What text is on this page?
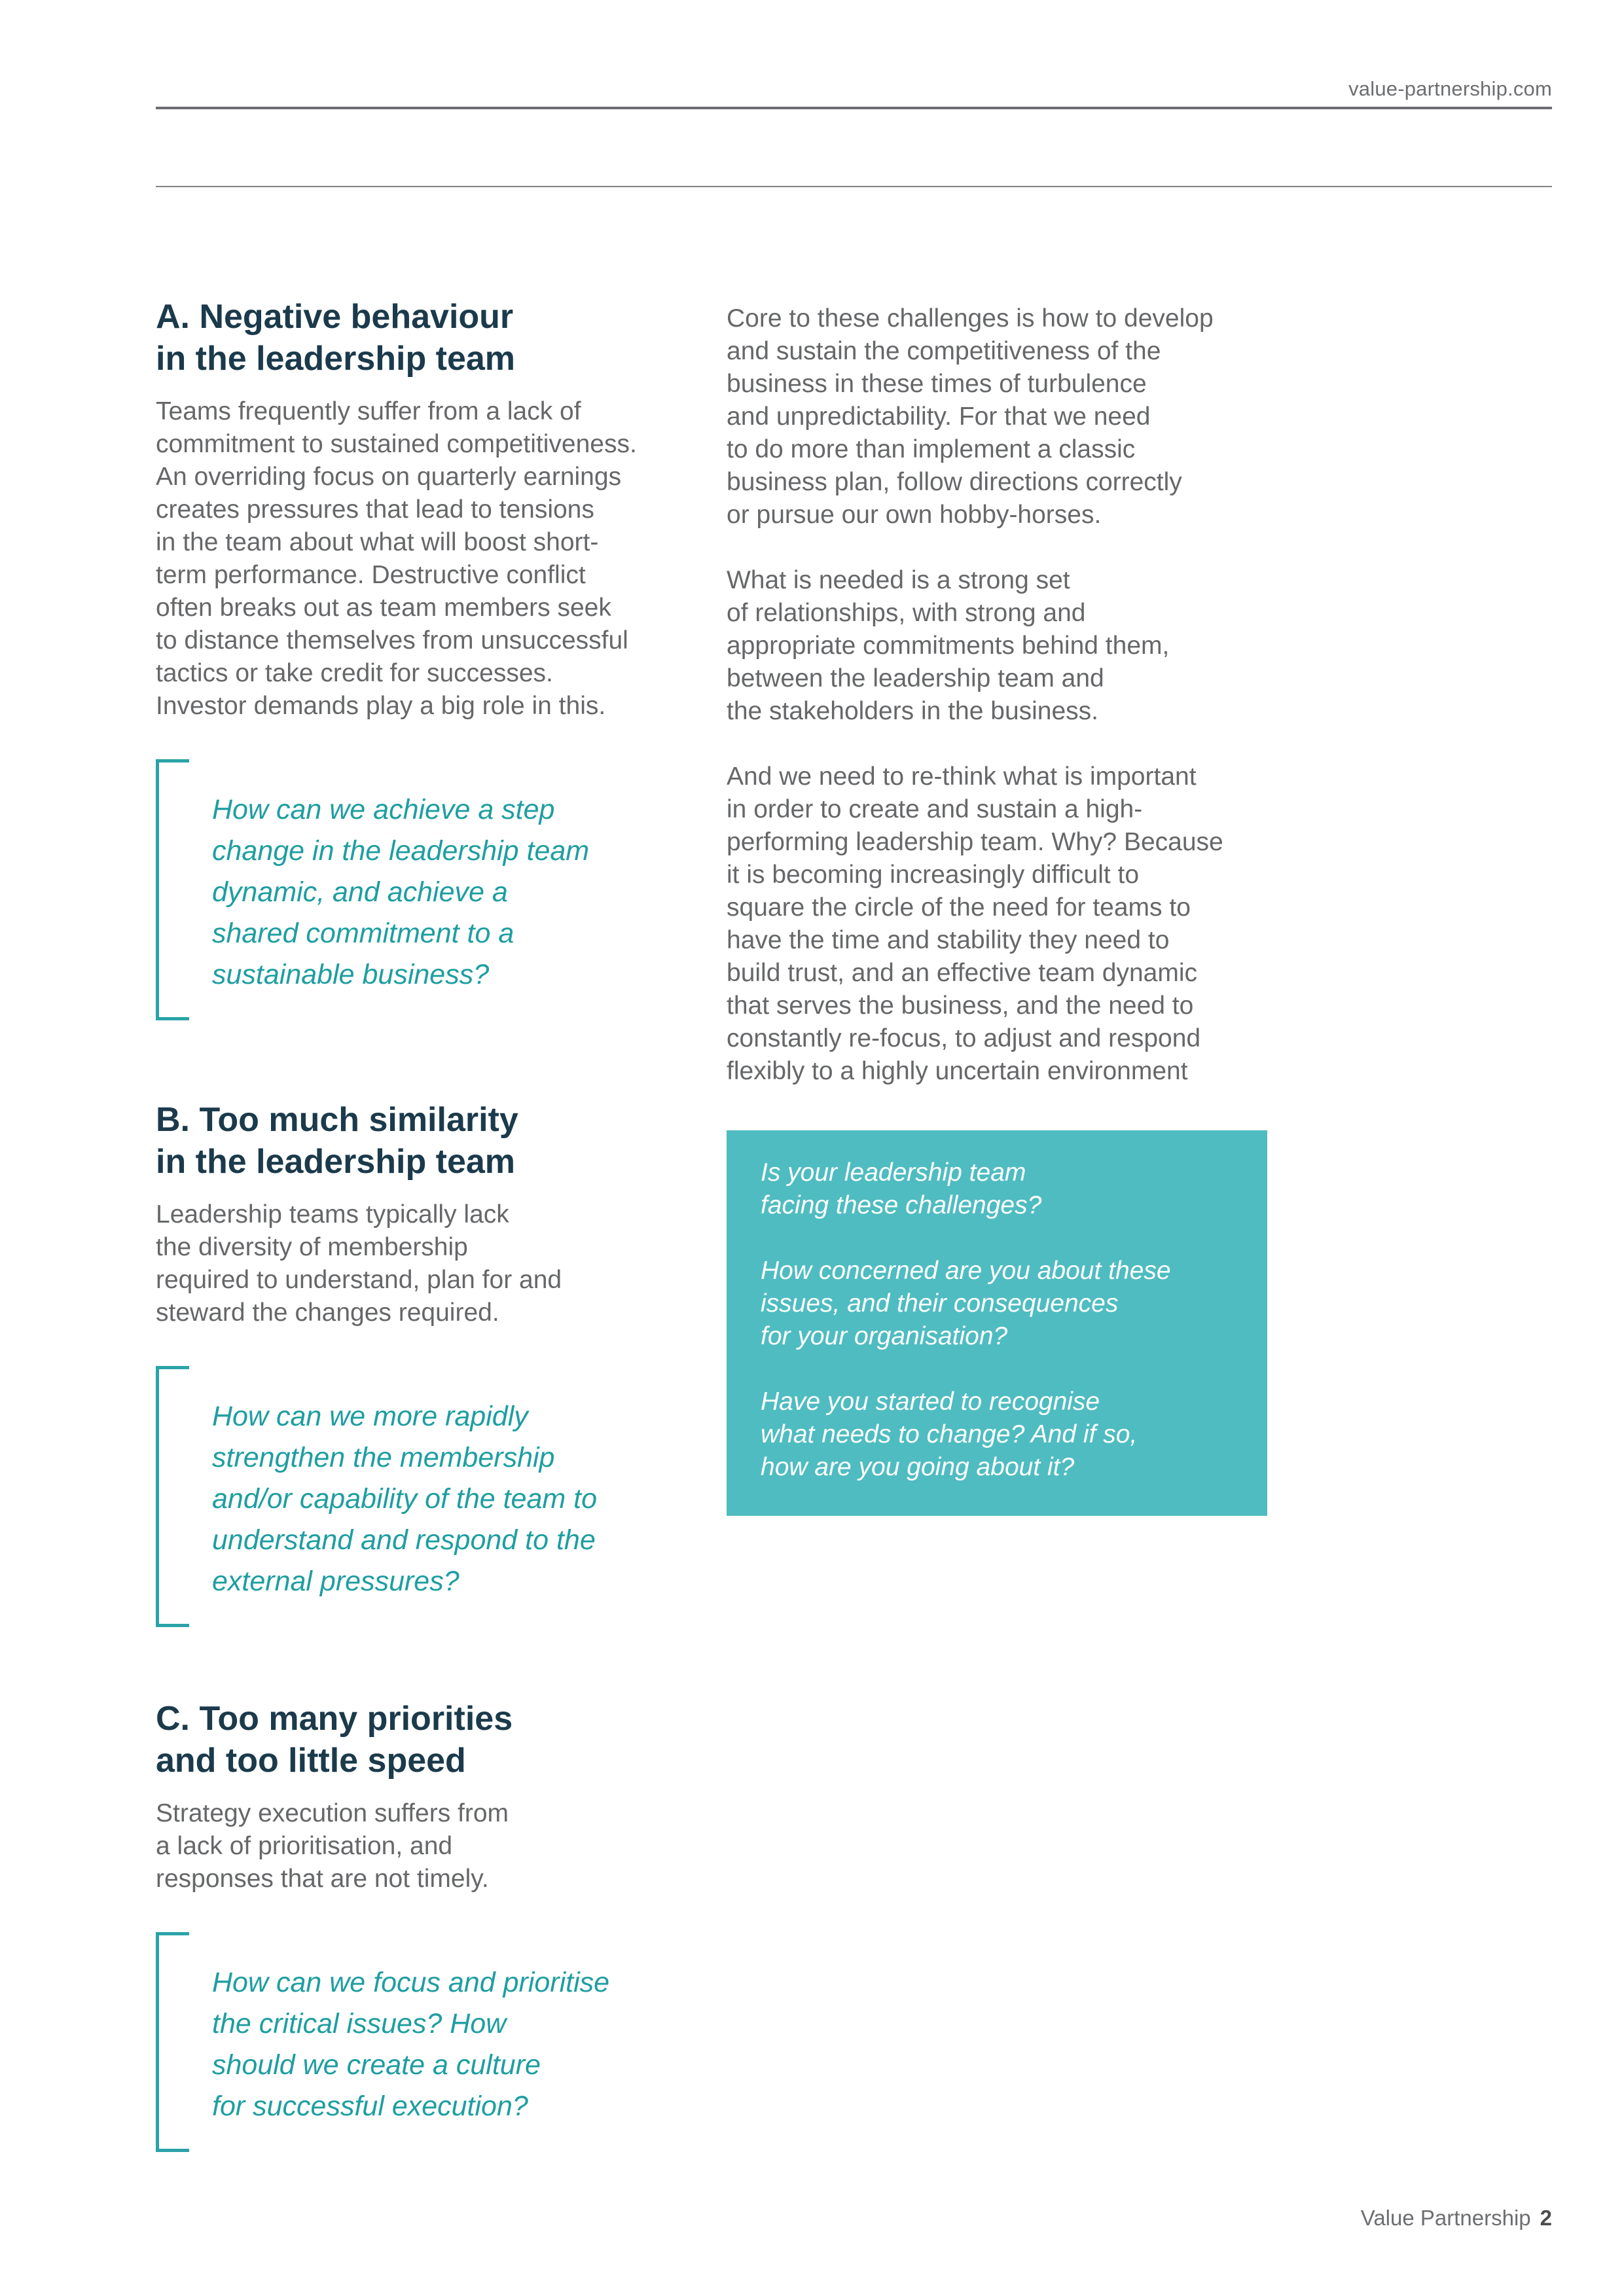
value-partnership.com
A. Negative behaviour
in the leadership team

Teams frequently suffer from a lack of
commitment to sustained competitiveness.
An overriding focus on quarterly earnings
creates pressures that lead to tensions
in the team about what will boost short-
term performance. Destructive conflict
often breaks out as team members seek
to distance themselves from unsuccessful
tactics or take credit for successes.
Investor demands play a big role in this.

How can we achieve a step
change in the leadership team
dynamic, and achieve a
shared commitment to a
sustainable business?

B. Too much similarity
in the leadership team

Leadership teams typically lack
the diversity of membership
required to understand, plan for and
steward the changes required.

How can we more rapidly
strengthen the membership
and/or capability of the team to
understand and respond to the
external pressures?

C. Too many priorities
and too little speed

Strategy execution suffers from
a lack of prioritisation, and
responses that are not timely.

How can we focus and prioritise
the critical issues? How
should we create a culture
for successful execution?

Core to these challenges is how to develop
and sustain the competitiveness of the
business in these times of turbulence
and unpredictability. For that we need
to do more than implement a classic
business plan, follow directions correctly
or pursue our own hobby-horses.

What is needed is a strong set
of relationships, with strong and
appropriate commitments behind them,
between the leadership team and
the stakeholders in the business.

And we need to re-think what is important
in order to create and sustain a high-
performing leadership team. Why? Because
it is becoming increasingly difficult to
square the circle of the need for teams to
have the time and stability they need to
build trust, and an effective team dynamic
that serves the business, and the need to
constantly re-focus, to adjust and respond
flexibly to a highly uncertain environment

Is your leadership team
facing these challenges?

How concerned are you about these
issues, and their consequences
for your organisation?

Have you started to recognise
what needs to change? And if so,
how are you going about it?

Value Partnership 2
